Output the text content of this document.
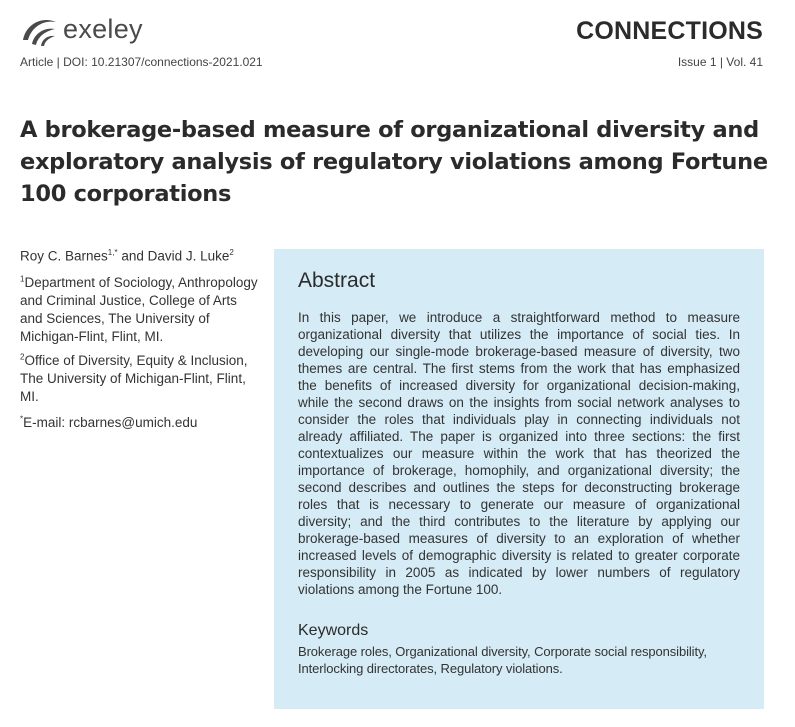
exeley	CONNECTIONS
Article | DOI: 10.21307/connections-2021.021	Issue 1 | Vol. 41
A brokerage-based measure of organizational diversity and exploratory analysis of regulatory violations among Fortune 100 corporations
Roy C. Barnes$^{1,*}$ and David J. Luke$^2$
$^1$Department of Sociology, Anthropology and Criminal Justice, College of Arts and Sciences, The University of Michigan-Flint, Flint, MI.
$^2$Office of Diversity, Equity & Inclusion, The University of Michigan-Flint, Flint, MI.
*E-mail: rcbarnes@umich.edu
Abstract

In this paper, we introduce a straightforward method to measure organizational diversity that utilizes the importance of social ties. In developing our single-mode brokerage-based measure of diversity, two themes are central. The first stems from the work that has emphasized the benefits of increased diversity for organizational decision-making, while the second draws on the insights from social network analyses to consider the roles that individuals play in connecting individuals not already affiliated. The paper is organized into three sections: the first contextualizes our measure within the work that has theorized the importance of brokerage, homophily, and organizational diversity; the second describes and outlines the steps for deconstructing brokerage roles that is necessary to generate our measure of organizational diversity; and the third contributes to the literature by applying our brokerage-based measures of diversity to an exploration of whether increased levels of demographic diversity is related to greater corporate responsibility in 2005 as indicated by lower numbers of regulatory violations among the Fortune 100.

Keywords

Brokerage roles, Organizational diversity, Corporate social responsibility, Interlocking directorates, Regulatory violations.
